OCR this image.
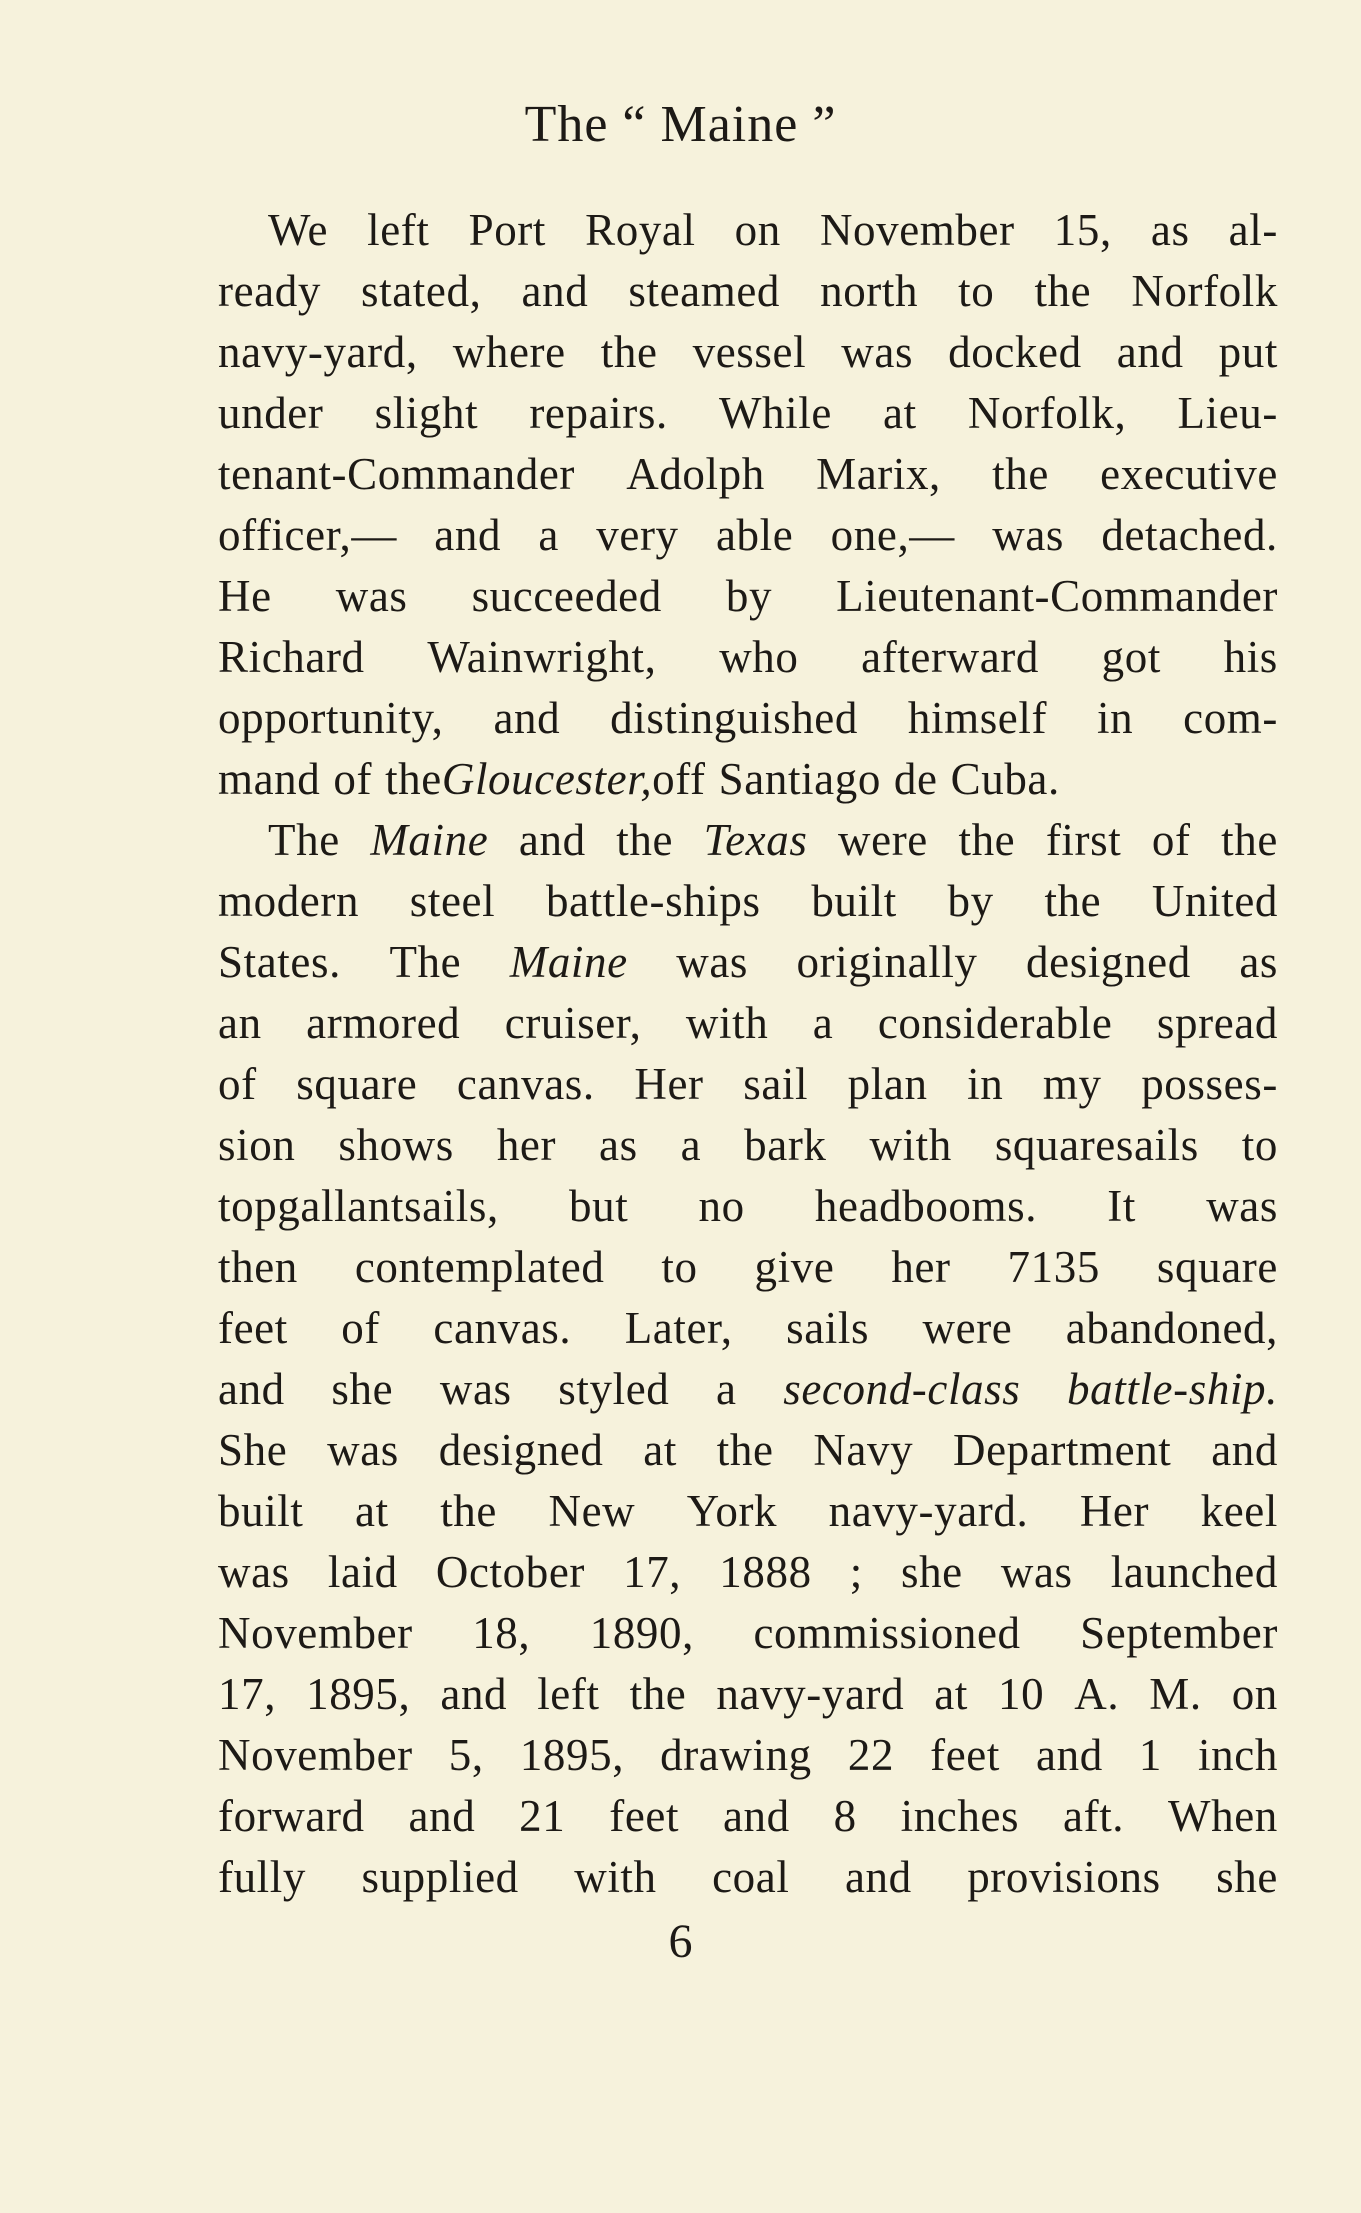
The “ Maine ”
We left Port Royal on November 15, as al-
ready stated, and steamed north to the Norfolk
navy-yard, where the vessel was docked and put
under slight repairs. While at Norfolk, Lieu-
tenant-Commander Adolph Marix, the executive
officer,— and a very able one,— was detached.
He was succeeded by Lieutenant-Commander
Richard Wainwright, who afterward got his
opportunity, and distinguished himself in com-
mand of the Gloucester, off Santiago de Cuba.
The Maine and the Texas were the first of the
modern steel battle-ships built by the United
States. The Maine was originally designed as
an armored cruiser, with a considerable spread
of square canvas. Her sail plan in my posses-
sion shows her as a bark with squaresails to
topgallantsails, but no headbooms. It was
then contemplated to give her 7135 square
feet of canvas. Later, sails were abandoned,
and she was styled a second-class battle-ship.
She was designed at the Navy Department and
built at the New York navy-yard. Her keel
was laid October 17, 1888 ; she was launched
November 18, 1890, commissioned September
17, 1895, and left the navy-yard at 10 A. M. on
November 5, 1895, drawing 22 feet and 1 inch
forward and 21 feet and 8 inches aft. When
fully supplied with coal and provisions she
6
